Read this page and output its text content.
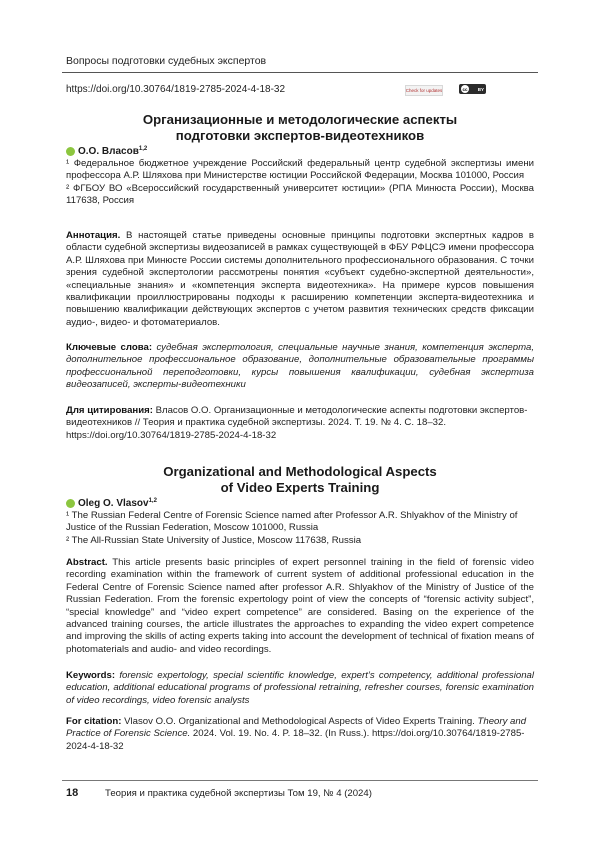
Вопросы подготовки судебных экспертов
https://doi.org/10.30764/1819-2785-2024-4-18-32	Check for updates	cc	BY
Организационные и методологические аспекты
подготовки экспертов-видеотехников
О.О. Власов$^{1,2}$

¹ Федеральное бюджетное учреждение Российский федеральный центр судебной экспертизы имени профессора А.Р. Шляхова при Министерстве юстиции Российской Федерации, Москва 101000, Россия

² ФГБОУ ВО «Всероссийский государственный университет юстиции» (РПА Минюста России), Москва 117638, Россия

Аннотация. В настоящей статье приведены основные принципы подготовки экспертных кадров в области судебной экспертизы видеозаписей в рамках существующей в ФБУ РФЦСЭ имени профессора А.Р. Шляхова при Минюсте России системы дополнительного профессионального образования. С точки зрения судебной экспертологии рассмотрены понятия «субъект судебно-экспертной деятельности», «специальные знания» и «компетенция эксперта видеотехника». На примере курсов повышения квалификации проиллюстрированы подходы к расширению компетенции эксперта-видеотехника и повышению квалификации действующих экспертов с учетом развития технических средств фиксации аудио-, видео- и фотоматериалов.
Ключевые слова: судебная экспертология, специальные научные знания, компетенция эксперта, дополнительное профессиональное образование, дополнительные образовательные программы профессиональной переподготовки, курсы повышения квалификации, судебная экспертиза видеозаписей, эксперты-видеотехники
Для цитирования: Власов О.О. Организационные и методологические аспекты подготовки экспертов-видеотехников // Теория и практика судебной экспертизы. 2024. Т. 19. № 4. С. 18–32. https://doi.org/10.30764/1819-2785-2024-4-18-32
Organizational and Methodological Aspects
of Video Experts Training
Oleg O. Vlasov$^{1,2}$

¹ The Russian Federal Centre of Forensic Science named after Professor A.R. Shlyakhov of the Ministry of Justice of the Russian Federation, Moscow 101000, Russia

² The All-Russian State University of Justice, Moscow 117638, Russia

Abstract. This article presents basic principles of expert personnel training in the field of forensic video recording examination within the framework of current system of additional professional education in the Federal Centre of Forensic Science named after professor A.R. Shlyakhov of the Ministry of Justice of the Russian Federation. From the forensic expertology point of view the concepts of “forensic activity subject”, “special knowledge” and “video expert competence” are considered. Basing on the experience of the advanced training courses, the article illustrates the approaches to expanding the video expert competence and improving the skills of acting experts taking into account the development of technical of fixation means of photomaterials and audio- and video recordings.
Keywords: forensic expertology, special scientific knowledge, expert’s competency, additional professional education, additional educational programs of professional retraining, refresher courses, forensic examination of video recordings, video forensic analysts
For citation: Vlasov O.O. Organizational and Methodological Aspects of Video Experts Training. Theory and Practice of Forensic Science. 2024. Vol. 19. No. 4. P. 18–32. (In Russ.). https://doi.org/10.30764/1819-2785-2024-4-18-32
18	Теория и практика судебной экспертизы Том 19, № 4 (2024)
